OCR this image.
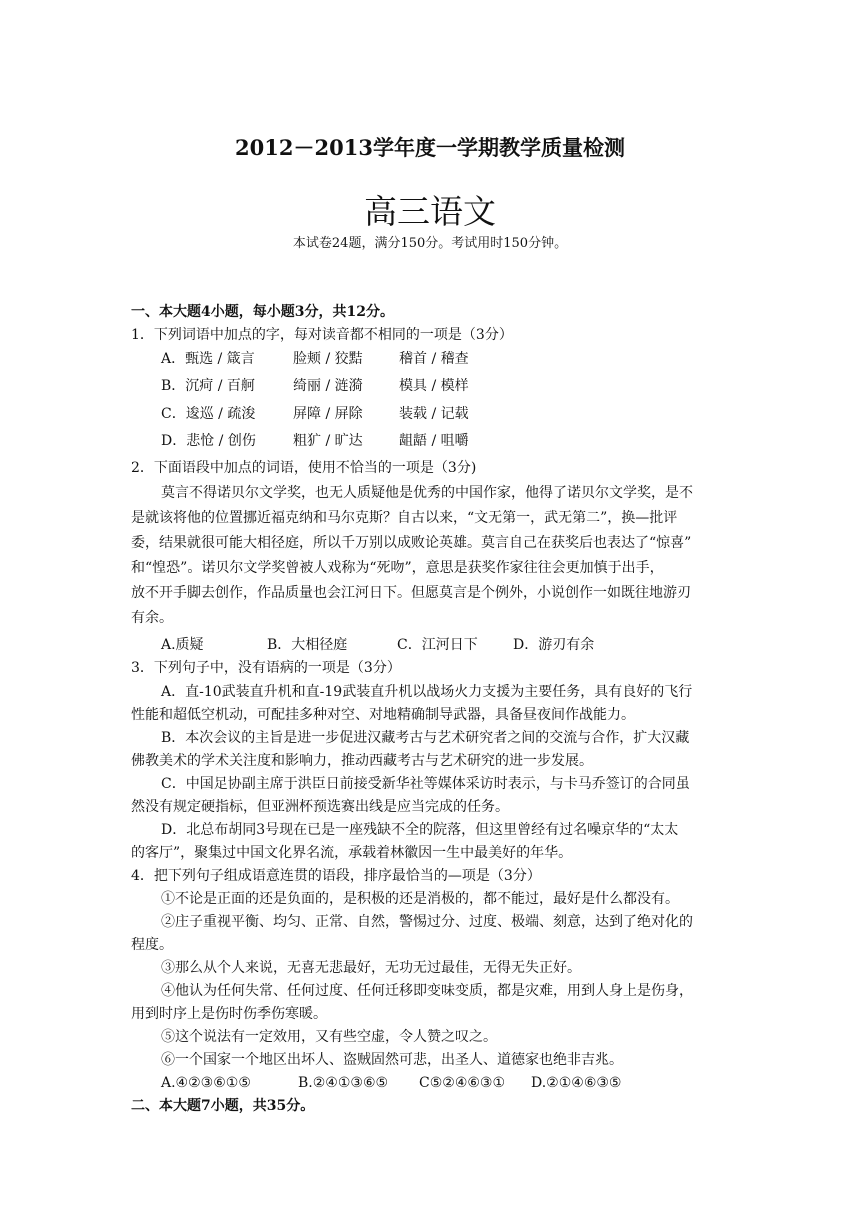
2012－2013学年度一学期教学质量检测
高三语文
本试卷24题，满分150分。考试用时150分钟。
一、本大题4小题，每小题3分，共12分。
1．下列词语中加点的字，每对读音都不相同的一项是（3分）
A．甄选 / 箴言	脸颊 / 狡黠	稽首 / 稽查
B．沉疴 / 百舸	绮丽 / 涟漪	模具 / 模样
C．逡巡 / 疏浚	屏障 / 屏除	装载 / 记载
D．悲怆 / 创伤	粗犷 / 旷达	龃龉 / 咀嚼
2．下面语段中加点的词语，使用不恰当的一项是（3分)
莫言不得诺贝尔文学奖，也无人质疑他是优秀的中国作家，他得了诺贝尔文学奖，是不
是就该将他的位置挪近福克纳和马尔克斯？自古以来，“文无第一，武无第二”，换—批评
委，结果就很可能大相径庭，所以千万别以成败论英雄。莫言自己在获奖后也表达了“惊喜”
和“惶恐”。诺贝尔文学奖曾被人戏称为“死吻”，意思是获奖作家往往会更加慎于出手，
放不开手脚去创作，作品质量也会江河日下。但愿莫言是个例外，小说创作一如既往地游刃
有余。
A.质疑	B．大相径庭	C．江河日下	D．游刃有余
3．下列句子中，没有语病的一项是（3分）
A．直-10武装直升机和直-19武装直升机以战场火力支援为主要任务，具有良好的飞行
性能和超低空机动，可配挂多种对空、对地精确制导武器，具备昼夜间作战能力。
B．本次会议的主旨是进一步促进汉藏考古与艺术研究者之间的交流与合作，扩大汉藏
佛教美术的学术关注度和影响力，推动西藏考古与艺术研究的进一步发展。
C．中国足协副主席于洪臣日前接受新华社等媒体采访时表示，与卡马乔签订的合同虽
然没有规定硬指标，但亚洲杯预选赛出线是应当完成的任务。
D．北总布胡同3号现在已是一座残缺不全的院落，但这里曾经有过名噪京华的“太太
的客厅”，聚集过中国文化界名流，承载着林徽因一生中最美好的年华。
4．把下列句子组成语意连贯的语段，排序最恰当的—项是（3分）
①不论是正面的还是负面的，是积极的还是消极的，都不能过，最好是什么都没有。
②庄子重视平衡、均匀、正常、自然，警惕过分、过度、极端、刻意，达到了绝对化的
程度。
③那么从个人来说，无喜无悲最好，无功无过最佳，无得无失正好。
④他认为任何失常、任何过度、任何迁移即变味变质，都是灾难，用到人身上是伤身，
用到时序上是伤时伤季伤寒暖。
⑤这个说法有一定效用，又有些空虚，令人赞之叹之。
⑥一个国家一个地区出坏人、盗贼固然可悲，出圣人、道德家也绝非吉兆。
A.④②③⑥①⑤	B.②④①③⑥⑤ C⑤②④⑥③① D.②①④⑥③⑤
二、本大题7小题，共35分。
